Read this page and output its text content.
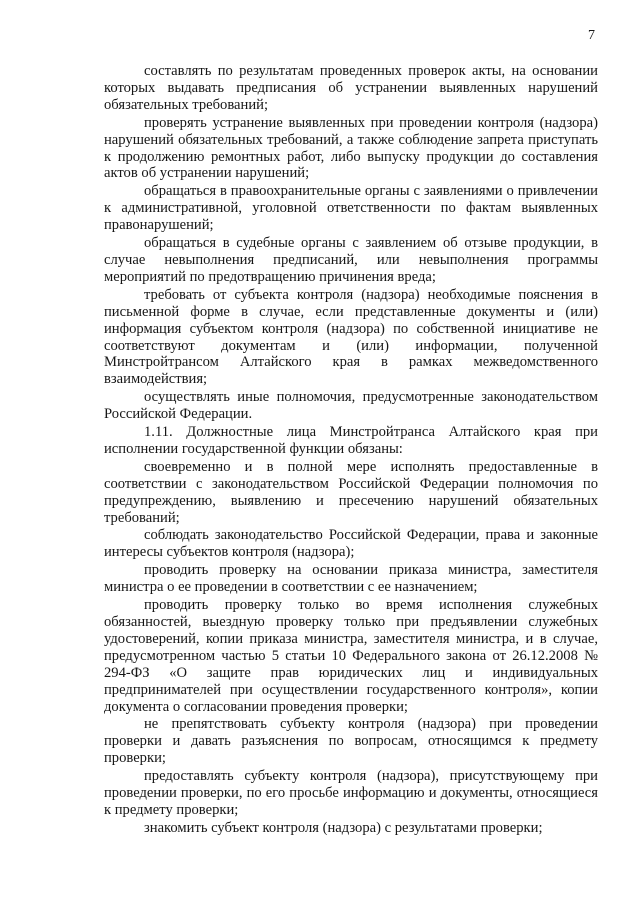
7

составлять по результатам проведенных проверок акты, на основании которых выдавать предписания об устранении выявленных нарушений обязательных требований;

проверять устранение выявленных при проведении контроля (надзора) нарушений обязательных требований, а также соблюдение запрета приступать к продолжению ремонтных работ, либо выпуску продукции до составления актов об устранении нарушений;

обращаться в правоохранительные органы с заявлениями о привлечении к административной, уголовной ответственности по фактам выявленных правонарушений;

обращаться в судебные органы с заявлением об отзыве продукции, в случае невыполнения предписаний, или невыполнения программы мероприятий по предотвращению причинения вреда;

требовать от субъекта контроля (надзора) необходимые пояснения в письменной форме в случае, если представленные документы и (или) информация субъектом контроля (надзора) по собственной инициативе не соответствуют документам и (или) информации, полученной Минстройтрансом Алтайского края в рамках межведомственного взаимодействия;

осуществлять иные полномочия, предусмотренные законодательством Российской Федерации.

1.11. Должностные лица Минстройтранса Алтайского края при исполнении государственной функции обязаны:

своевременно и в полной мере исполнять предоставленные в соответствии с законодательством Российской Федерации полномочия по предупреждению, выявлению и пресечению нарушений обязательных требований;

соблюдать законодательство Российской Федерации, права и законные интересы субъектов контроля (надзора);

проводить проверку на основании приказа министра, заместителя министра о ее проведении в соответствии с ее назначением;

проводить проверку только во время исполнения служебных обязанностей, выездную проверку только при предъявлении служебных удостоверений, копии приказа министра, заместителя министра, и в случае, предусмотренном частью 5 статьи 10 Федерального закона от 26.12.2008 № 294-ФЗ «О защите прав юридических лиц и индивидуальных предпринимателей при осуществлении государственного контроля», копии документа о согласовании проведения проверки;

не препятствовать субъекту контроля (надзора) при проведении проверки и давать разъяснения по вопросам, относящимся к предмету проверки;

предоставлять субъекту контроля (надзора), присутствующему при проведении проверки, по его просьбе информацию и документы, относящиеся к предмету проверки;

знакомить субъект контроля (надзора) с результатами проверки;
